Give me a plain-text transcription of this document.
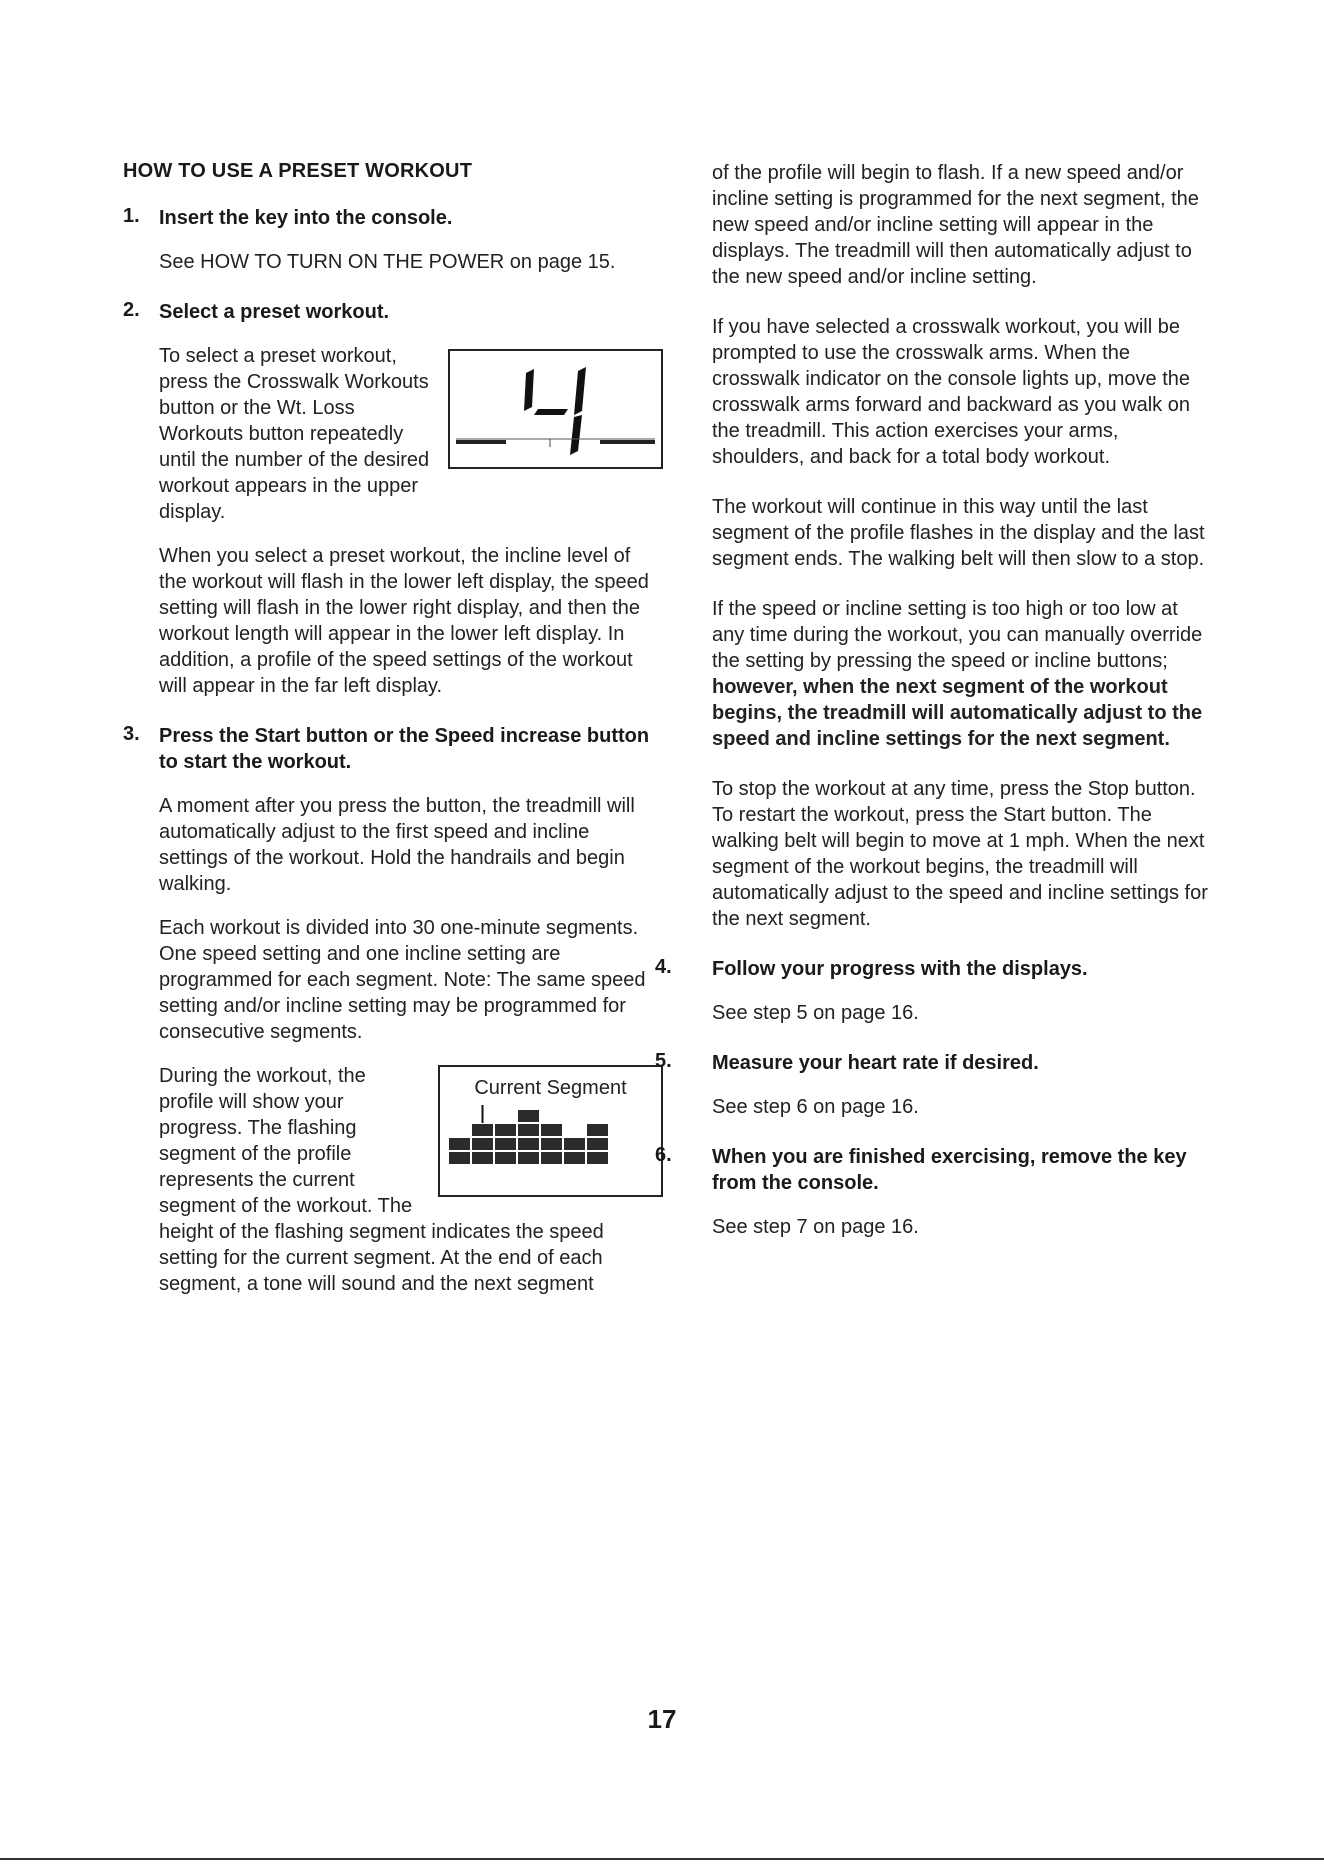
HOW TO USE A PRESET WORKOUT
1. Insert the key into the console.

See HOW TO TURN ON THE POWER on page 15.

2. Select a preset workout.

To select a preset workout, press the Crosswalk Workouts button or the Wt. Loss Workouts button repeatedly until the number of the desired workout appears in the upper display.

When you select a preset workout, the incline level of the workout will flash in the lower left display, the speed setting will flash in the lower right display, and then the workout length will appear in the lower left display. In addition, a profile of the speed settings of the workout will appear in the far left display.

3. Press the Start button or the Speed increase button to start the workout.

A moment after you press the button, the treadmill will automatically adjust to the first speed and incline settings of the workout. Hold the handrails and begin walking.

Each workout is divided into 30 one-minute segments. One speed setting and one incline setting are programmed for each segment. Note: The same speed setting and/or incline setting may be programmed for consecutive segments.

Current Segment

During the workout, the profile will show your progress. The flashing segment of the profile represents the current segment of the workout. The height of the flashing segment indicates the speed setting for the current segment. At the end of each segment, a tone will sound and the next segment

of the profile will begin to flash. If a new speed and/or incline setting is programmed for the next segment, the new speed and/or incline setting will appear in the displays. The treadmill will then automatically adjust to the new speed and/or incline setting.

If you have selected a crosswalk workout, you will be prompted to use the crosswalk arms. When the crosswalk indicator on the console lights up, move the crosswalk arms forward and backward as you walk on the treadmill. This action exercises your arms, shoulders, and back for a total body workout.

The workout will continue in this way until the last segment of the profile flashes in the display and the last segment ends. The walking belt will then slow to a stop.

If the speed or incline setting is too high or too low at any time during the workout, you can manually override the setting by pressing the speed or incline buttons; however, when the next segment of the workout begins, the treadmill will automatically adjust to the speed and incline settings for the next segment.

To stop the workout at any time, press the Stop button. To restart the workout, press the Start button. The walking belt will begin to move at 1 mph. When the next segment of the workout begins, the treadmill will automatically adjust to the speed and incline settings for the next segment.

4. Follow your progress with the displays.

See step 5 on page 16.

5. Measure your heart rate if desired.

See step 6 on page 16.

6. When you are finished exercising, remove the key from the console.

See step 7 on page 16.

17
